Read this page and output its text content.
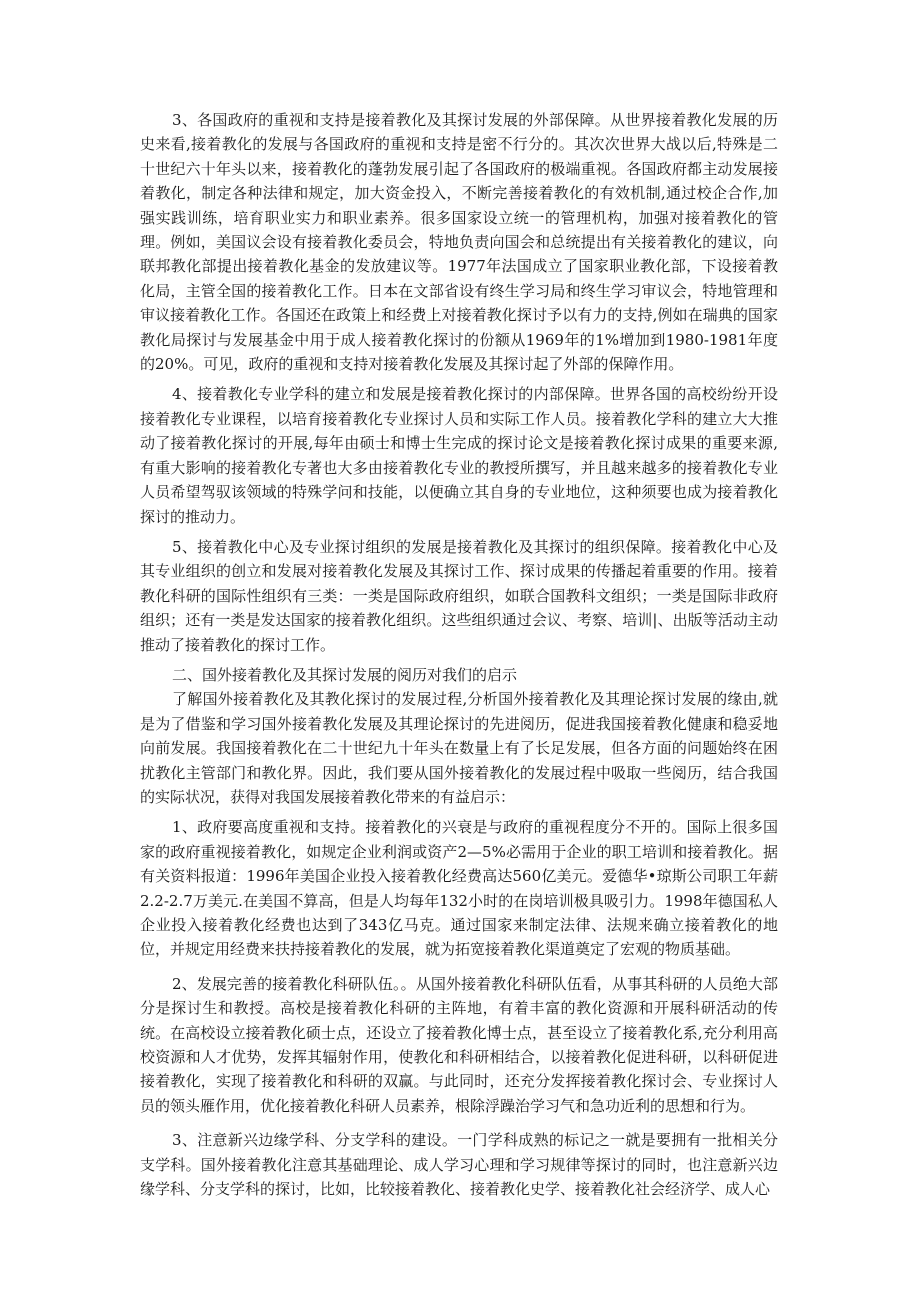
3、各国政府的重视和支持是接着教化及其探讨发展的外部保障。从世界接着教化发展的历史来看,接着教化的发展与各国政府的重视和支持是密不行分的。其次次世界大战以后,特殊是二十世纪六十年头以来，接着教化的蓬勃发展引起了各国政府的极端重视。各国政府都主动发展接着教化，制定各种法律和规定，加大资金投入，不断完善接着教化的有效机制,通过校企合作,加强实践训练，培育职业实力和职业素养。很多国家设立统一的管理机构，加强对接着教化的管理。例如，美国议会设有接着教化委员会，特地负责向国会和总统提出有关接着教化的建议，向联邦教化部提出接着教化基金的发放建议等。1977年法国成立了国家职业教化部，下设接着教化局，主管全国的接着教化工作。日本在文部省设有终生学习局和终生学习审议会，特地管理和审议接着教化工作。各国还在政策上和经费上对接着教化探讨予以有力的支持,例如在瑞典的国家教化局探讨与发展基金中用于成人接着教化探讨的份额从1969年的1%增加到1980-1981年度的20%。可见，政府的重视和支持对接着教化发展及其探讨起了外部的保障作用。

4、接着教化专业学科的建立和发展是接着教化探讨的内部保障。世界各国的高校纷纷开设接着教化专业课程，以培育接着教化专业探讨人员和实际工作人员。接着教化学科的建立大大推动了接着教化探讨的开展,每年由硕士和博士生完成的探讨论文是接着教化探讨成果的重要来源,有重大影响的接着教化专著也大多由接着教化专业的教授所撰写，并且越来越多的接着教化专业人员希望驾驭该领域的特殊学问和技能，以便确立其自身的专业地位，这种须要也成为接着教化探讨的推动力。

5、接着教化中心及专业探讨组织的发展是接着教化及其探讨的组织保障。接着教化中心及其专业组织的创立和发展对接着教化发展及其探讨工作、探讨成果的传播起着重要的作用。接着教化科研的国际性组织有三类：一类是国际政府组织，如联合国教科文组织；一类是国际非政府组织；还有一类是发达国家的接着教化组织。这些组织通过会议、考察、培训|、出版等活动主动推动了接着教化的探讨工作。

二、国外接着教化及其探讨发展的阅历对我们的启示

了解国外接着教化及其教化探讨的发展过程,分析国外接着教化及其理论探讨发展的缘由,就是为了借鉴和学习国外接着教化发展及其理论探讨的先进阅历，促进我国接着教化健康和稳妥地向前发展。我国接着教化在二十世纪九十年头在数量上有了长足发展，但各方面的问题始终在困扰教化主管部门和教化界。因此，我们要从国外接着教化的发展过程中吸取一些阅历，结合我国的实际状况，获得对我国发展接着教化带来的有益启示：

1、政府要高度重视和支持。接着教化的兴衰是与政府的重视程度分不开的。国际上很多国家的政府重视接着教化，如规定企业利润或资产2—5%必需用于企业的职工培训和接着教化。据有关资料报道：1996年美国企业投入接着教化经费高达560亿美元。爱德华•琼斯公司职工年薪2.2-2.7万美元.在美国不算高，但是人均每年132小时的在岗培训极具吸引力。1998年德国私人企业投入接着教化经费也达到了343亿马克。通过国家来制定法律、法规来确立接着教化的地位，并规定用经费来扶持接着教化的发展，就为拓宽接着教化渠道奠定了宏观的物质基础。

2、发展完善的接着教化科研队伍。。从国外接着教化科研队伍看，从事其科研的人员绝大部分是探讨生和教授。高校是接着教化科研的主阵地，有着丰富的教化资源和开展科研活动的传统。在高校设立接着教化硕士点，还设立了接着教化博士点，甚至设立了接着教化系,充分利用高校资源和人才优势，发挥其辐射作用，使教化和科研相结合，以接着教化促进科研，以科研促进接着教化，实现了接着教化和科研的双赢。与此同时，还充分发挥接着教化探讨会、专业探讨人员的领头雁作用，优化接着教化科研人员素养，根除浮躁治学习气和急功近利的思想和行为。

3、注意新兴边缘学科、分支学科的建设。一门学科成熟的标记之一就是要拥有一批相关分支学科。国外接着教化注意其基础理论、成人学习心理和学习规律等探讨的同时，也注意新兴边缘学科、分支学科的探讨，比如，比较接着教化、接着教化史学、接着教化社会经济学、成人心
